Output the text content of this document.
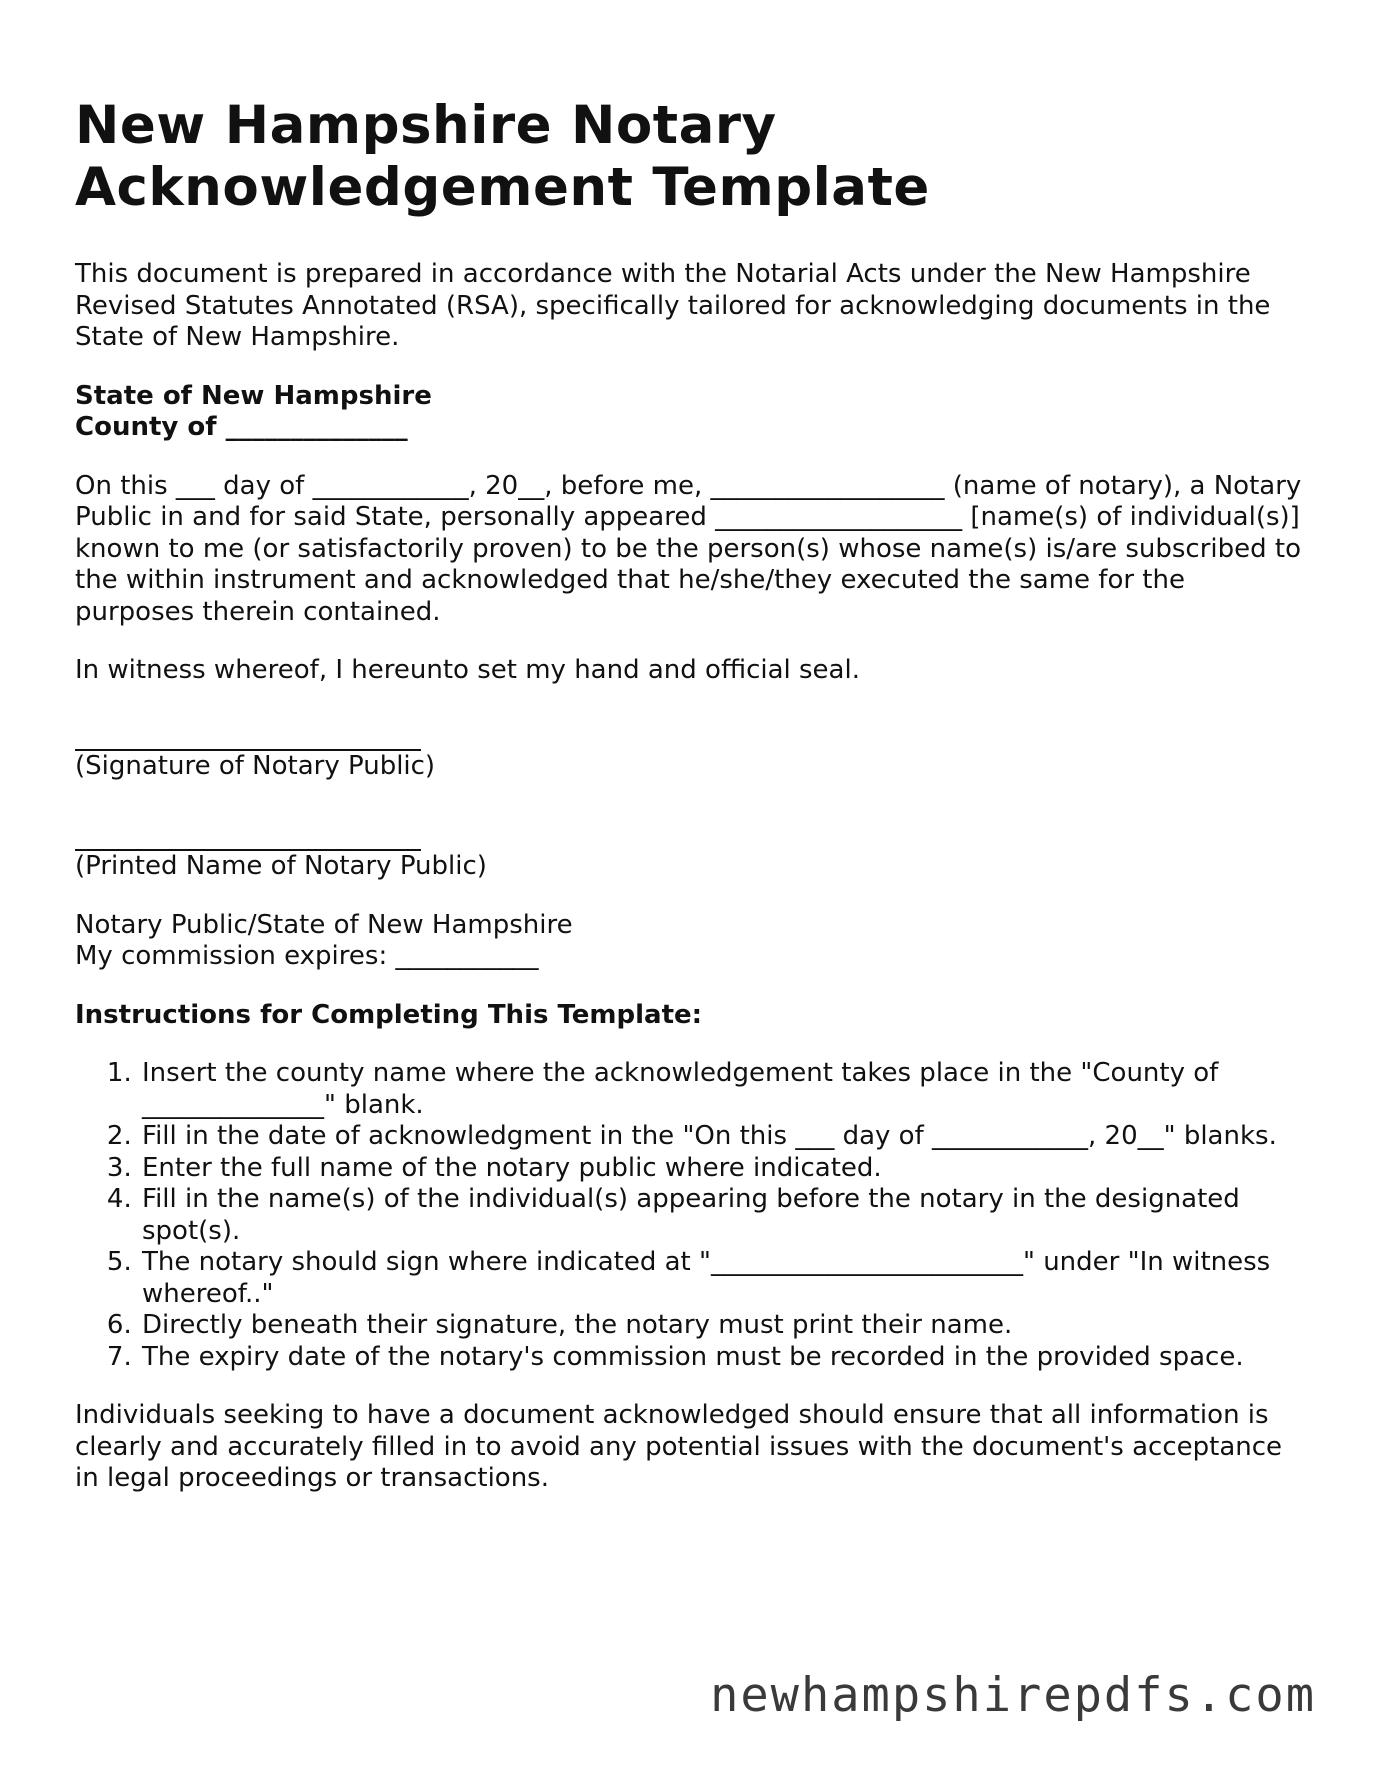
New Hampshire Notary
Acknowledgement Template

This document is prepared in accordance with the Notarial Acts under the New Hampshire Revised Statutes Annotated (RSA), specifically tailored for acknowledging documents in the State of New Hampshire.

State of New Hampshire
County of ______________

On this ___ day of ____________, 20__, before me, __________________ (name of notary), a Notary Public in and for said State, personally appeared ___________________ [name(s) of individual(s)] known to me (or satisfactorily proven) to be the person(s) whose name(s) is/are subscribed to the within instrument and acknowledged that he/she/they executed the same for the purposes therein contained.

In witness whereof, I hereunto set my hand and official seal.

(Signature of Notary Public)
(Printed Name of Notary Public)
Notary Public/State of New Hampshire
My commission expires: ___________

Instructions for Completing This Template:

1. Insert the county name where the acknowledgement takes place in the "County of ______________" blank.
2. Fill in the date of acknowledgment in the "On this ___ day of ____________, 20__" blanks.
3. Enter the full name of the notary public where indicated.
4. Fill in the name(s) of the individual(s) appearing before the notary in the designated spot(s).
5. The notary should sign where indicated at "________________________" under "In witness whereof.."
6. Directly beneath their signature, the notary must print their name.
7. The expiry date of the notary's commission must be recorded in the provided space.

Individuals seeking to have a document acknowledged should ensure that all information is clearly and accurately filled in to avoid any potential issues with the document's acceptance in legal proceedings or transactions.

newhampshirepdfs.com
